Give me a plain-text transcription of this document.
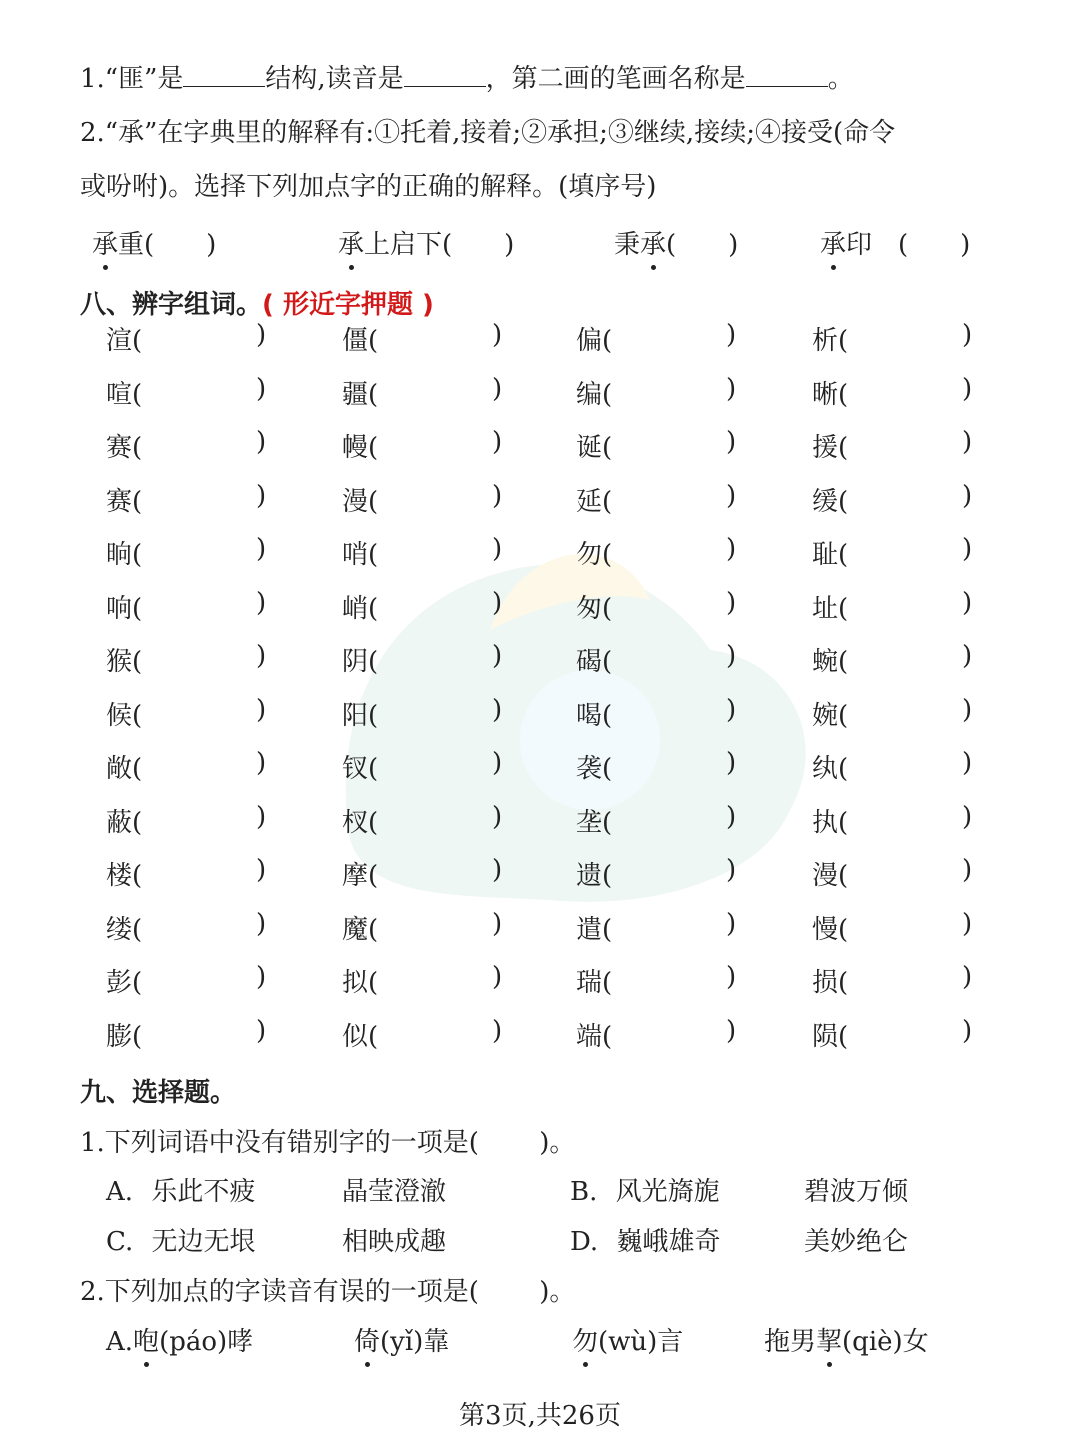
1.“匪”是	结构,读音是	，第二画的笔画名称是	。
2.“承”在字典里的解释有:①托着,接着;②承担;③继续,接续;④接受(命令
或吩咐)。选择下列加点字的正确的解释。(填序号)
承重(　　)	承上启下(　　)	秉承(　　)	承印　(　　)
八、辨字组词。( 形近字押题 )
渲(	)	僵(	)	偏(	)	析(	)
喧(	)	疆(	)	编(	)	晰(	)
赛(	)	幔(	)	诞(	)	援(	)
赛(	)	漫(	)	延(	)	缓(	)
晌(	)	哨(	)	勿(	)	耻(	)
响(	)	峭(	)	匆(	)	址(	)
猴(	)	阴(	)	碣(	)	蜿(	)
候(	)	阳(	)	喝(	)	婉(	)
敞(	)	钗(	)	袭(	)	纨(	)
蔽(	)	杈(	)	垄(	)	执(	)
楼(	)	摩(	)	遗(	)	漫(	)
缕(	)	魔(	)	遣(	)	慢(	)
彭(	)	拟(	)	瑞(	)	损(	)
膨(	)	似(	)	端(	)	陨(	)
九、选择题。
1.下列词语中没有错别字的一项是(　　 )。
A. 乐此不疲	晶莹澄澈	B. 风光旖旎	碧波万倾
C. 无边无垠	相映成趣	D. 巍峨雄奇	美妙绝仑
2.下列加点的字读音有误的一项是(　　 )。
A.咆(páo)哮	倚(yǐ)靠	勿(wù)言	拖男挈(qiè)女
第3页,共26页
